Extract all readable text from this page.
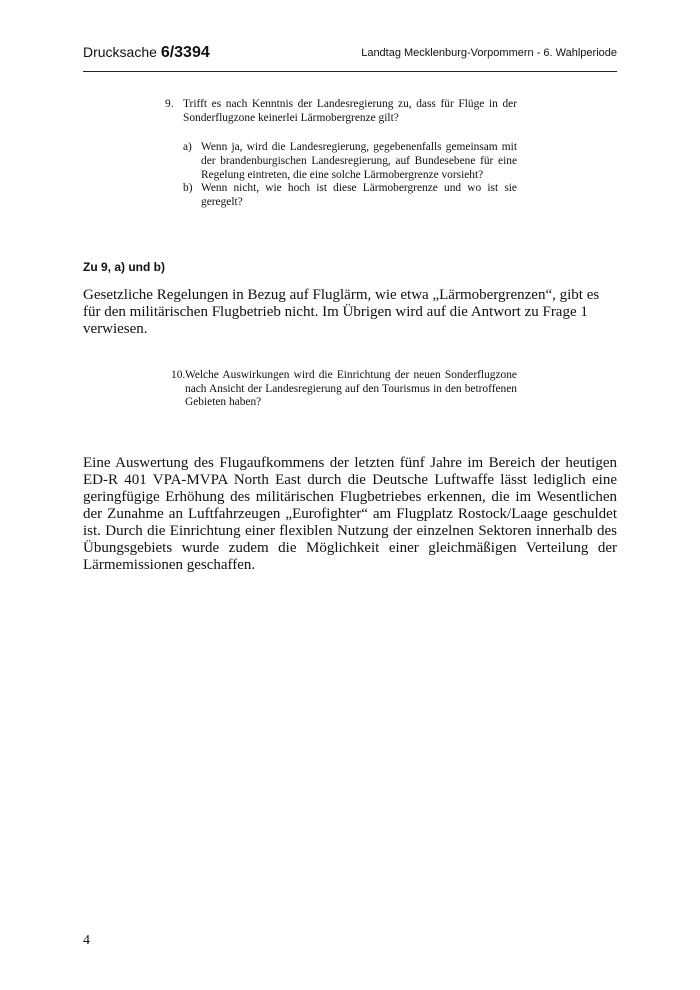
Drucksache 6/3394	Landtag Mecklenburg-Vorpommern - 6. Wahlperiode
9. Trifft es nach Kenntnis der Landesregierung zu, dass für Flüge in der Sonderflugzone keinerlei Lärmobergrenze gilt?
a) Wenn ja, wird die Landesregierung, gegebenenfalls gemeinsam mit der brandenburgischen Landesregierung, auf Bundesebene für eine Regelung eintreten, die eine solche Lärmobergrenze vorsieht?
b) Wenn nicht, wie hoch ist diese Lärmobergrenze und wo ist sie geregelt?
Zu 9, a) und b)
Gesetzliche Regelungen in Bezug auf Fluglärm, wie etwa „Lärmobergrenzen“, gibt es für den militärischen Flugbetrieb nicht. Im Übrigen wird auf die Antwort zu Frage 1 verwiesen.
10. Welche Auswirkungen wird die Einrichtung der neuen Sonderflugzone nach Ansicht der Landesregierung auf den Tourismus in den betroffenen Gebieten haben?
Eine Auswertung des Flugaufkommens der letzten fünf Jahre im Bereich der heutigen ED-R 401 VPA-MVPA North East durch die Deutsche Luftwaffe lässt lediglich eine geringfügige Erhöhung des militärischen Flugbetriebes erkennen, die im Wesentlichen der Zunahme an Luftfahrzeugen „Eurofighter“ am Flugplatz Rostock/Laage geschuldet ist. Durch die Einrichtung einer flexiblen Nutzung der einzelnen Sektoren innerhalb des Übungsgebiets wurde zudem die Möglichkeit einer gleichmäßigen Verteilung der Lärmemissionen geschaffen.
4
